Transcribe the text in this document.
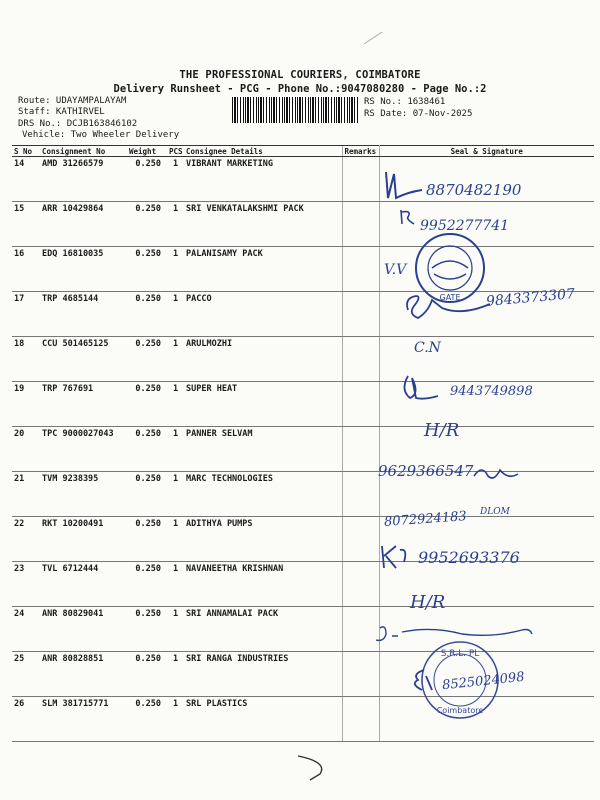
THE PROFESSIONAL COURIERS, COIMBATORE
Delivery Runsheet - PCG - Phone No.:9047080280 - Page No.:2
Route: UDAYAMPALAYAM
Staff: KATHIRVEL
DRS No.: DCJB163846102
Vehicle: Two Wheeler Delivery
RS No.: 1638461
RS Date: 07-Nov-2025
S No	Consignment No	Weight	PCS	Consignee Details	Remarks	Seal & Signature
14	AMD 31266579	0.250	1	VIBRANT MARKETING		
15	ARR 10429864	0.250	1	SRI VENKATALAKSHMI PACK		
16	EDQ 16810035	0.250	1	PALANISAMY PACK		
17	TRP 4685144	0.250	1	PACCO		
18	CCU 501465125	0.250	1	ARULMOZHI		
19	TRP 767691	0.250	1	SUPER HEAT		
20	TPC 9000027043	0.250	1	PANNER SELVAM		
21	TVM 9238395	0.250	1	MARC TECHNOLOGIES		
22	RKT 10200491	0.250	1	ADITHYA PUMPS		
23	TVL 6712444	0.250	1	NAVANEETHA KRISHNAN		
24	ANR 80829041	0.250	1	SRI ANNAMALAI PACK		
25	ANR 80828851	0.250	1	SRI RANGA INDUSTRIES		
26	SLM 381715771	0.250	1	SRL PLASTICS		
GATE
S.R.L. PL
Coimbatore
8870482190
9952277741
V.V
9843373307
C.N
9443749898
H/R
9629366547
8072924183 DLOM
9952693376
H/R
8525024098
